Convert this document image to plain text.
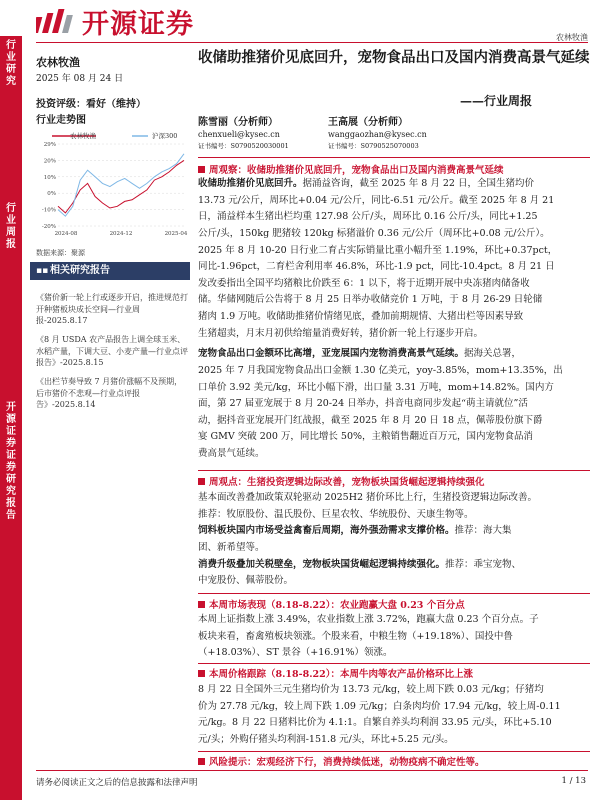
开源证券	农林牧渔
行业研究
行业周报
开源证券 证券研究报告
农林牧渔
2025 年 08 月 24 日
投资评级：看好（维持）
行业走势图
农林牧渔	沪深300
29%
20%
10%
0%
-10%
-20%
2024-08	2024-12	2025-04
数据来源：聚源
▪▪ 相关研究报告
《猪价新一轮上行或逐步开启，推进规范打开种猪板块成长空间—行业周报-2025.8.17
《8 月 USDA 农产品报告上调全球玉米、水稻产量，下调大豆、小麦产量—行业点评报告》-2025.8.15
《出栏节奏导致 7 月猪价涨幅不及预期，后市猪价不悲观—行业点评报告》-2025.8.14
收储助推猪价见底回升，宠物食品出口及国内消费高景气延续
——行业周报
陈雪丽（分析师）
chenxueli@kysec.cn
证书编号：S0790520030001
王高展（分析师）
wanggaozhan@kysec.cn
证书编号：S0790525070003
周观察：收储助推猪价见底回升，宠物食品出口及国内消费高景气延续
收储助推猪价见底回升。据涌益咨询，截至 2025 年 8 月 22 日，全国生猪均价
13.73 元/公斤，周环比+0.04 元/公斤，同比-6.51 元/公斤。截至 2025 年 8 月 21
日，涌益样本生猪出栏均重 127.98 公斤/头，周环比 0.16 公斤/头，同比+1.25
公斤/头，150kg 肥猪较 120kg 标猪溢价 0.36 元/公斤（周环比+0.08 元/公斤）。
2025 年 8 月 10-20 日行业二育占实际销量比重小幅升至 1.19%，环比+0.37pct，
同比-1.96pct，二育栏舍利用率 46.8%，环比-1.9 pct，同比-10.4pct。8 月 21 日
发改委指出全国平均猪粮比价跌至 6：1 以下，将于近期开展中央冻猪肉储备收
储。华储网随后公告将于 8 月 25 日举办收储竞价 1 万吨，于 8 月 26-29 日轮储
猪肉 1.9 万吨。收储助推猪价情绪见底，叠加前期规情、大猪出栏等因素导致
生猪超卖，月末月初供给缩量消费好转，猪价新一轮上行逐步开启。
宠物食品出口金额环比高增，亚宠展国内宠物消费高景气延续。据海关总署，
2025 年 7 月我国宠物食品出口金额 1.30 亿美元，yoy-3.85%，mom+13.35%，出
口单价 3.92 美元/kg，环比小幅下滑，出口量 3.31 万吨，mom+14.82%。国内方
面，第 27 届亚宠展于 8 月 20-24 日举办，抖音电商同步发起“萌主请就位”活
动，据抖音亚宠展开门红战报，截至 2025 年 8 月 20 日 18 点，佩蒂股份旗下爵
宴 GMV 突破 200 万，同比增长 50%，主粮销售翻近百万元，国内宠物食品消
费高景气延续。
周观点：生猪投资逻辑边际改善，宠物板块国货崛起逻辑持续强化
基本面改善叠加政策双轮驱动 2025H2 猪价环比上行，生猪投资逻辑边际改善。
推荐：牧原股份、温氏股份、巨星农牧、华统股份、天康生物等。
饲料板块国内市场受益禽畜后周期，海外强劲需求支撑价格。推荐：海大集
团、新希望等。
消费升级叠加关税壁垒，宠物板块国货崛起逻辑持续强化。推荐：乖宝宠物、
中宠股份、佩蒂股份。
本周市场表现（8.18-8.22）：农业跑赢大盘 0.23 个百分点
本周上证指数上涨 3.49%，农业指数上涨 3.72%，跑赢大盘 0.23 个百分点。子
板块来看，畜禽殖板块领涨。个股来看，中粮生物（+19.18%）、国投中鲁
（+18.03%）、ST 景谷（+16.91%）领涨。
本周价格跟踪（8.18-8.22）：本周牛肉等农产品价格环比上涨
8 月 22 日全国外三元生猪均价为 13.73 元/kg，较上周下跌 0.03 元/kg；仔猪均
价为 27.78 元/kg，较上周下跌 1.09 元/kg；白条肉均价 17.94 元/kg，较上周-0.11
元/kg。8 月 22 日猪料比价为 4.1:1。自繁自养头均利润 33.95 元/头，环比+5.10
元/头；外购仔猪头均利润-151.8 元/头，环比+5.25 元/头。
风险提示：宏观经济下行，消费持续低迷，动物疫病不确定性等。
请务必阅读正文之后的信息披露和法律声明	1 / 13
